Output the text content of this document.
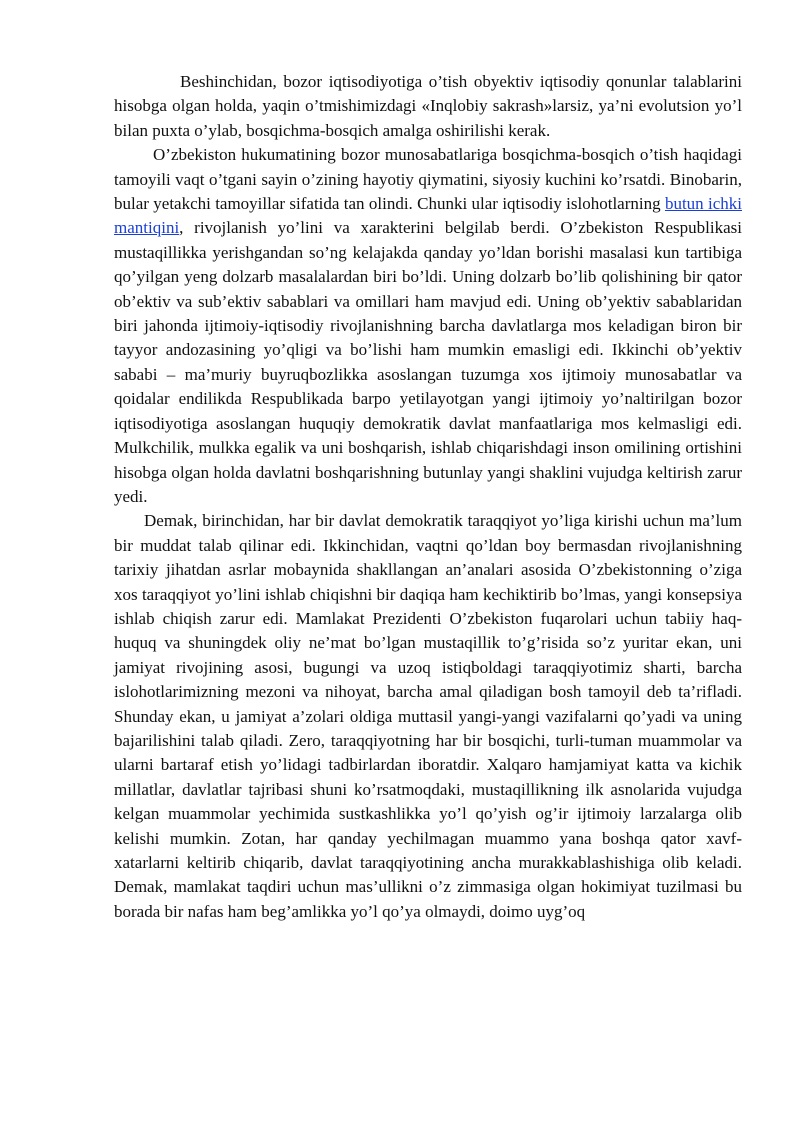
Beshinchidan, bozor iqtisodiyotiga o’tish obyektiv iqtisodiy qonunlar talablarini hisobga olgan holda, yaqin o’tmishimizdagi «Inqlobiy sakrash»larsiz, ya’ni evolutsion yo’l bilan puxta o’ylab, bosqichma-bosqich amalga oshirilishi kerak.

O’zbekiston hukumatining bozor munosabatlariga bosqichma-bosqich o’tish haqidagi tamoyili vaqt o’tgani sayin o’zining hayotiy qiymatini, siyosiy kuchini ko’rsatdi. Binobarin, bular yetakchi tamoyillar sifatida tan olindi. Chunki ular iqtisodiy islohotlarning butun ichki mantiqini, rivojlanish yo’lini va xarakterini belgilab berdi. O’zbekiston Respublikasi mustaqillikka yerishgandan so’ng kelajakda qanday yo’ldan borishi masalasi kun tartibiga qo’yilgan yeng dolzarb masalalardan biri bo’ldi. Uning dolzarb bo’lib qolishining bir qator ob’ektiv va sub’ektiv sabablari va omillari ham mavjud edi. Uning ob’yektiv sabablaridan biri jahonda ijtimoiy-iqtisodiy rivojlanishning barcha davlatlarga mos keladigan biron bir tayyor andozasining yo’qligi va bo’lishi ham mumkin emasligi edi. Ikkinchi ob’yektiv sababi – ma’muriy buyruqbozlikka asoslangan tuzumga xos ijtimoiy munosabatlar va qoidalar endilikda Respublikada barpo yetilayotgan yangi ijtimoiy yo’naltirilgan bozor iqtisodiyotiga asoslangan huquqiy demokratik davlat manfaatlariga mos kelmasligi edi. Mulkchilik, mulkka egalik va uni boshqarish, ishlab chiqarishdagi inson omilining ortishini hisobga olgan holda davlatni boshqarishning butunlay yangi shaklini vujudga keltirish zarur yedi.

Demak, birinchidan, har bir davlat demokratik taraqqiyot yo’liga kirishi uchun ma’lum bir muddat talab qilinar edi. Ikkinchidan, vaqtni qo’ldan boy bermasdan rivojlanishning tarixiy jihatdan asrlar mobaynida shakllangan an’analari asosida O’zbekistonning o’ziga xos taraqqiyot yo’lini ishlab chiqishni bir daqiqa ham kechiktirib bo’lmas, yangi konsepsiya ishlab chiqish zarur edi. Mamlakat Prezidenti O’zbekiston fuqarolari uchun tabiiy haq-huquq va shuningdek oliy ne’mat bo’lgan mustaqillik to’g’risida so’z yuritar ekan, uni jamiyat rivojining asosi, bugungi va uzoq istiqboldagi taraqqiyotimiz sharti, barcha islohotlarimizning mezoni va nihoyat, barcha amal qiladigan bosh tamoyil deb ta’rifladi. Shunday ekan, u jamiyat a’zolari oldiga muttasil yangi-yangi vazifalarni qo’yadi va uning bajarilishini talab qiladi. Zero, taraqqiyotning har bir bosqichi, turli-tuman muammolar va ularni bartaraf etish yo’lidagi tadbirlardan iboratdir. Xalqaro hamjamiyat katta va kichik millatlar, davlatlar tajribasi shuni ko’rsatmoqdaki, mustaqillikning ilk asnolarida vujudga kelgan muammolar yechimida sustkashlikka yo’l qo’yish og’ir ijtimoiy larzalarga olib kelishi mumkin. Zotan, har qanday yechilmagan muammo yana boshqa qator xavf-xatarlarni keltirib chiqarib, davlat taraqqiyotining ancha murakkablashishiga olib keladi. Demak, mamlakat taqdiri uchun mas’ullikni o’z zimmasiga olgan hokimiyat tuzilmasi bu borada bir nafas ham beg’amlikka yo’l qo’ya olmaydi, doimo uyg’oq
